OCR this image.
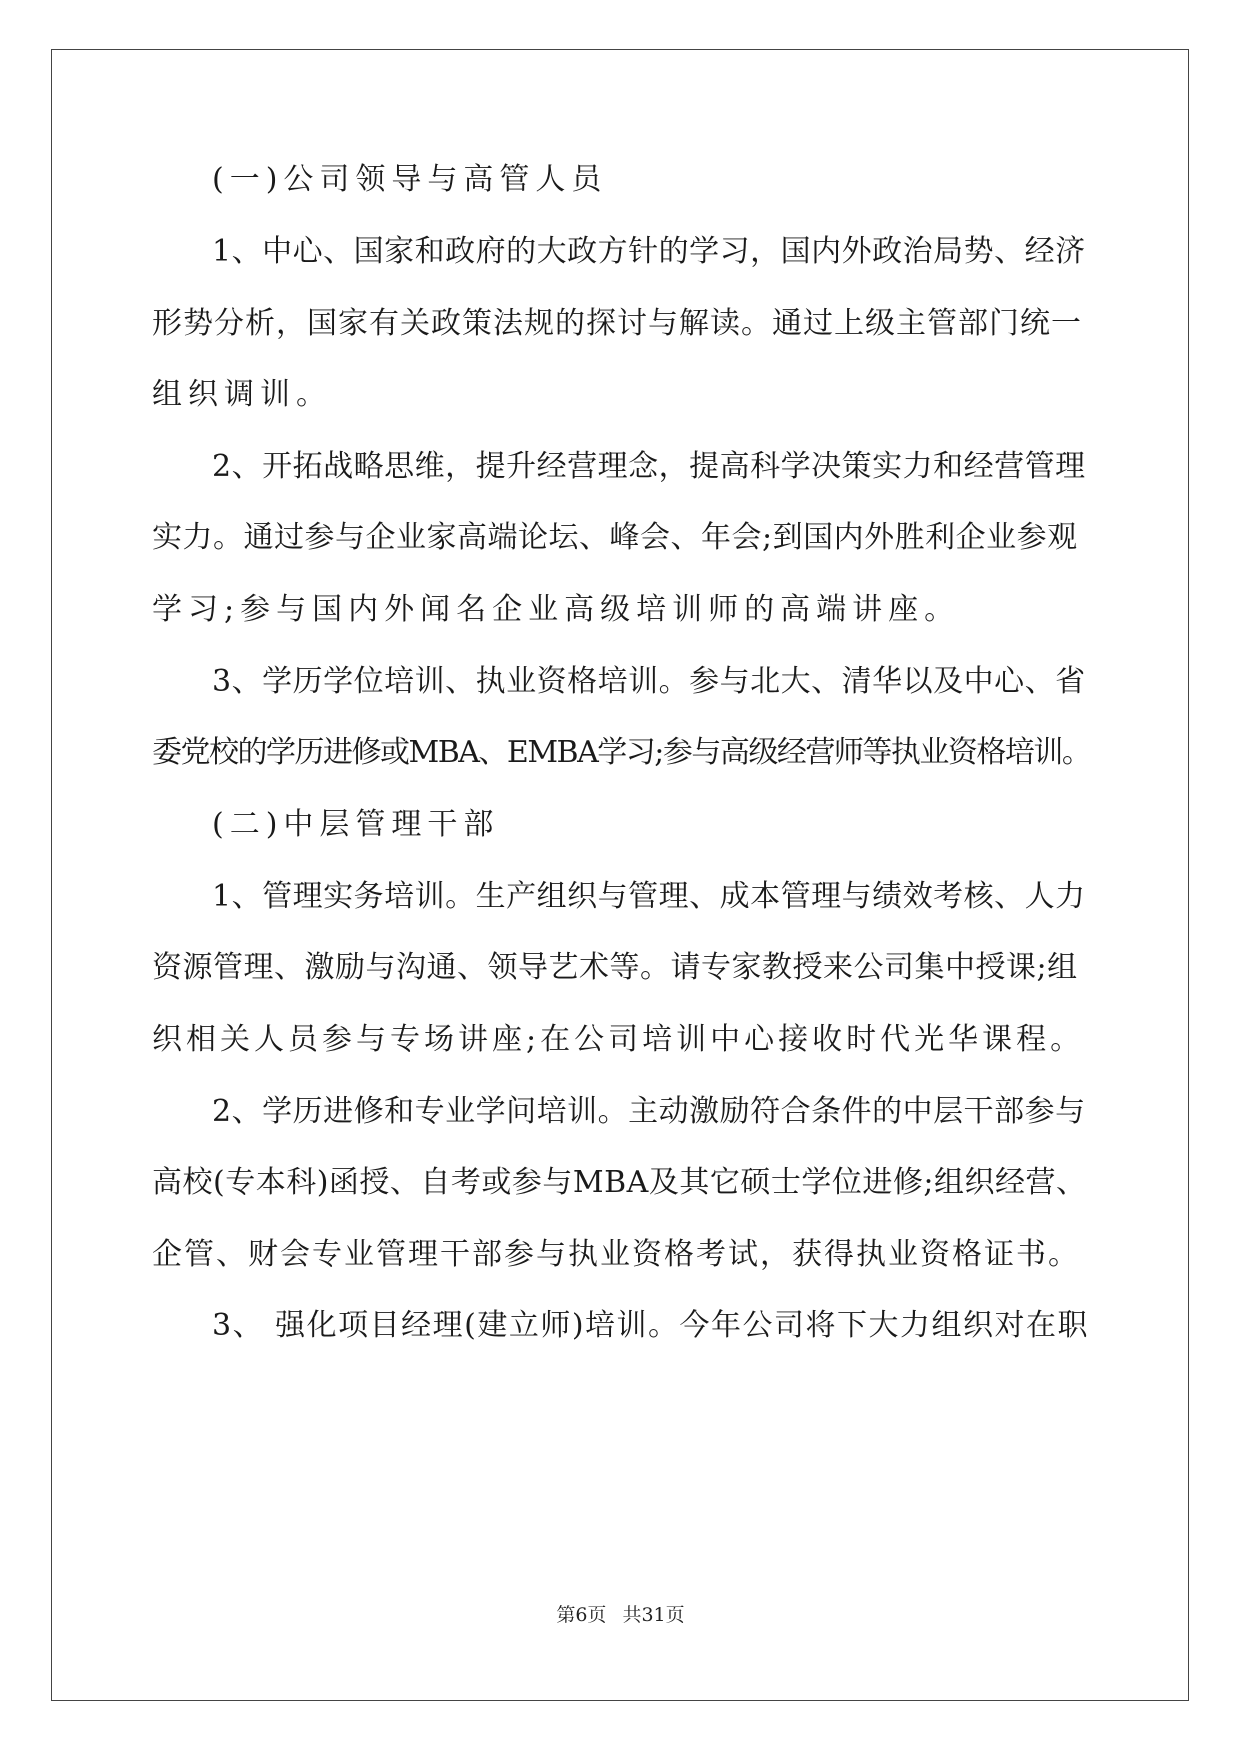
(一)公司领导与高管人员
1、中心、国家和政府的大政方针的学习，国内外政治局势、经济
形势分析，国家有关政策法规的探讨与解读。通过上级主管部门统一
组织调训。
2、开拓战略思维，提升经营理念，提高科学决策实力和经营管理
实力。通过参与企业家高端论坛、峰会、年会;到国内外胜利企业参观
学习;参与国内外闻名企业高级培训师的高端讲座。
3、学历学位培训、执业资格培训。参与北大、清华以及中心、省
委党校的学历进修或MBA、EMBA学习;参与高级经营师等执业资格培训。
(二)中层管理干部
1、管理实务培训。生产组织与管理、成本管理与绩效考核、人力
资源管理、激励与沟通、领导艺术等。请专家教授来公司集中授课;组
织相关人员参与专场讲座;在公司培训中心接收时代光华课程。
2、学历进修和专业学问培训。主动激励符合条件的中层干部参与
高校(专本科)函授、自考或参与MBA及其它硕士学位进修;组织经营、
企管、财会专业管理干部参与执业资格考试，获得执业资格证书。
3、 强化项目经理(建立师)培训。今年公司将下大力组织对在职
第6页 共31页
